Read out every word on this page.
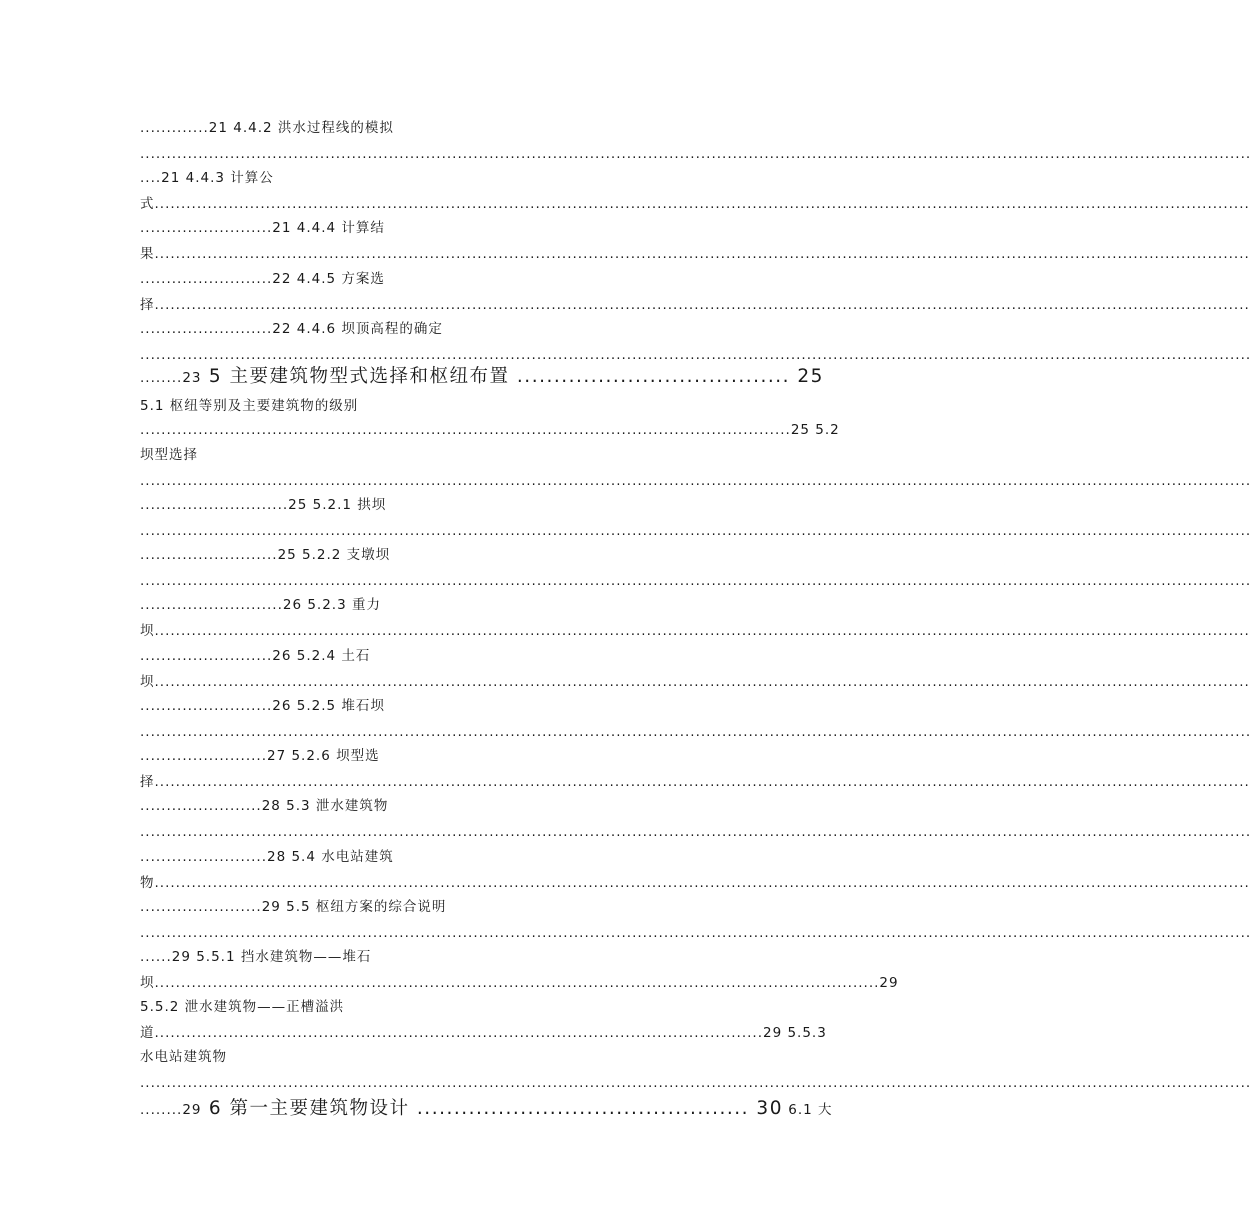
.............21 4.4.2 洪水过程线的模拟
..................................................................................................................................................................................................................
....21 4.4.3 计算公
式...............................................................................................................................................................................................................
.........................21 4.4.4 计算结
果...............................................................................................................................................................................................................
.........................22 4.4.5 方案选
择...............................................................................................................................................................................................................
.........................22 4.4.6 坝顶高程的确定
..................................................................................................................................................................................................................
........23 5 主要建筑物型式选择和枢纽布置 ..................................... 25
5.1 枢纽等别及主要建筑物的级别
...........................................................................................................................25 5.2
坝型选择
..................................................................................................................................................................................................................
............................25 5.2.1 拱坝
..................................................................................................................................................................................................................
..........................25 5.2.2 支墩坝
..................................................................................................................................................................................................................
...........................26 5.2.3 重力
坝...............................................................................................................................................................................................................
.........................26 5.2.4 土石
坝...............................................................................................................................................................................................................
.........................26 5.2.5 堆石坝
..................................................................................................................................................................................................................
........................27 5.2.6 坝型选
择...............................................................................................................................................................................................................
.......................28 5.3 泄水建筑物
..................................................................................................................................................................................................................
........................28 5.4 水电站建筑
物...............................................................................................................................................................................................................
.......................29 5.5 枢纽方案的综合说明
..................................................................................................................................................................................................................
......29 5.5.1 挡水建筑物——堆石
坝.........................................................................................................................................29
5.5.2 泄水建筑物——正槽溢洪
道...................................................................................................................29 5.5.3
水电站建筑物
..................................................................................................................................................................................................................
........29 6 第一主要建筑物设计 ............................................. 30 6.1 大
